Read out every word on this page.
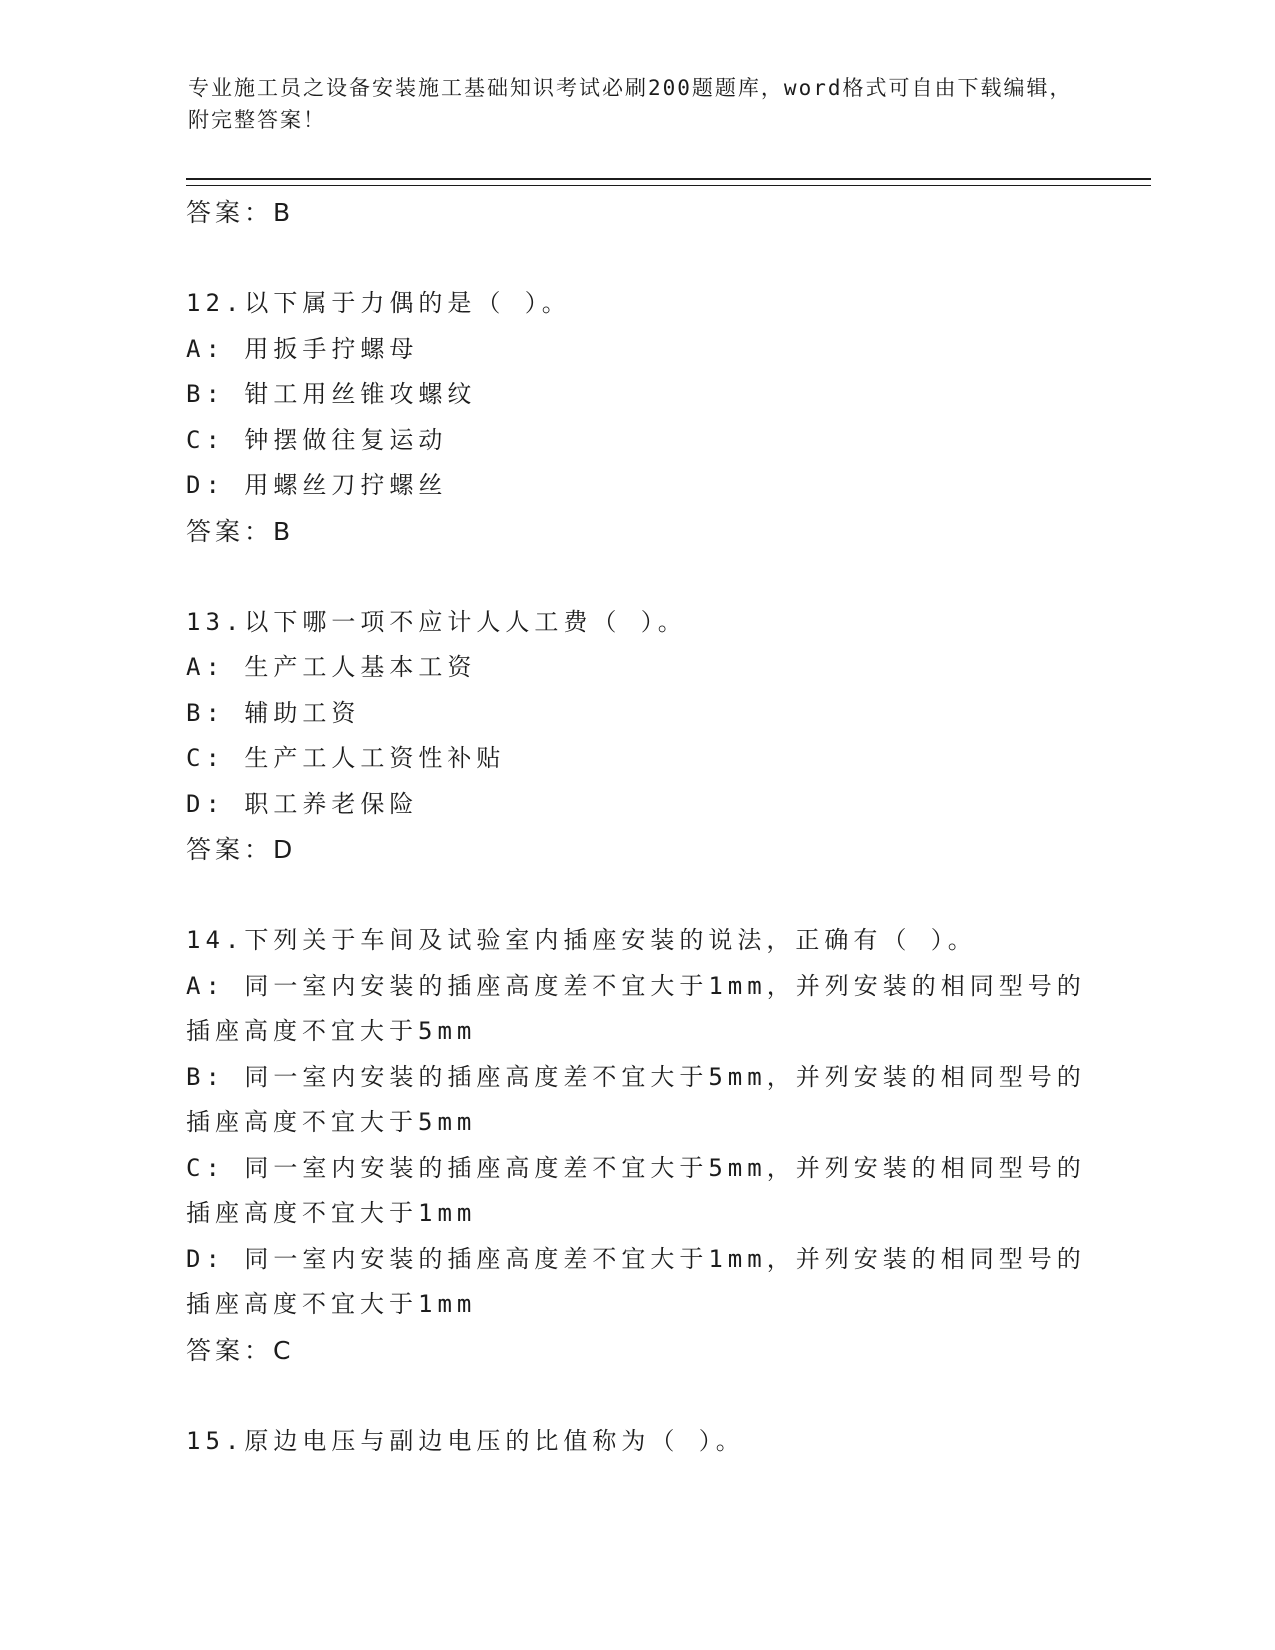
专业施工员之设备安装施工基础知识考试必刷200题题库，word格式可自由下载编辑，附完整答案！
答案：B
12.以下属于力偶的是（ ）。
A: 用扳手拧螺母
B: 钳工用丝锥攻螺纹
C: 钟摆做往复运动
D: 用螺丝刀拧螺丝
答案：B
13.以下哪一项不应计人人工费（ ）。
A: 生产工人基本工资
B: 辅助工资
C: 生产工人工资性补贴
D: 职工养老保险
答案：D
14.下列关于车间及试验室内插座安装的说法，正确有（ ）。
A: 同一室内安装的插座高度差不宜大于1mm，并列安装的相同型号的
插座高度不宜大于5mm
B: 同一室内安装的插座高度差不宜大于5mm，并列安装的相同型号的
插座高度不宜大于5mm
C: 同一室内安装的插座高度差不宜大于5mm，并列安装的相同型号的
插座高度不宜大于1mm
D: 同一室内安装的插座高度差不宜大于1mm，并列安装的相同型号的
插座高度不宜大于1mm
答案：C
15.原边电压与副边电压的比值称为（ ）。
